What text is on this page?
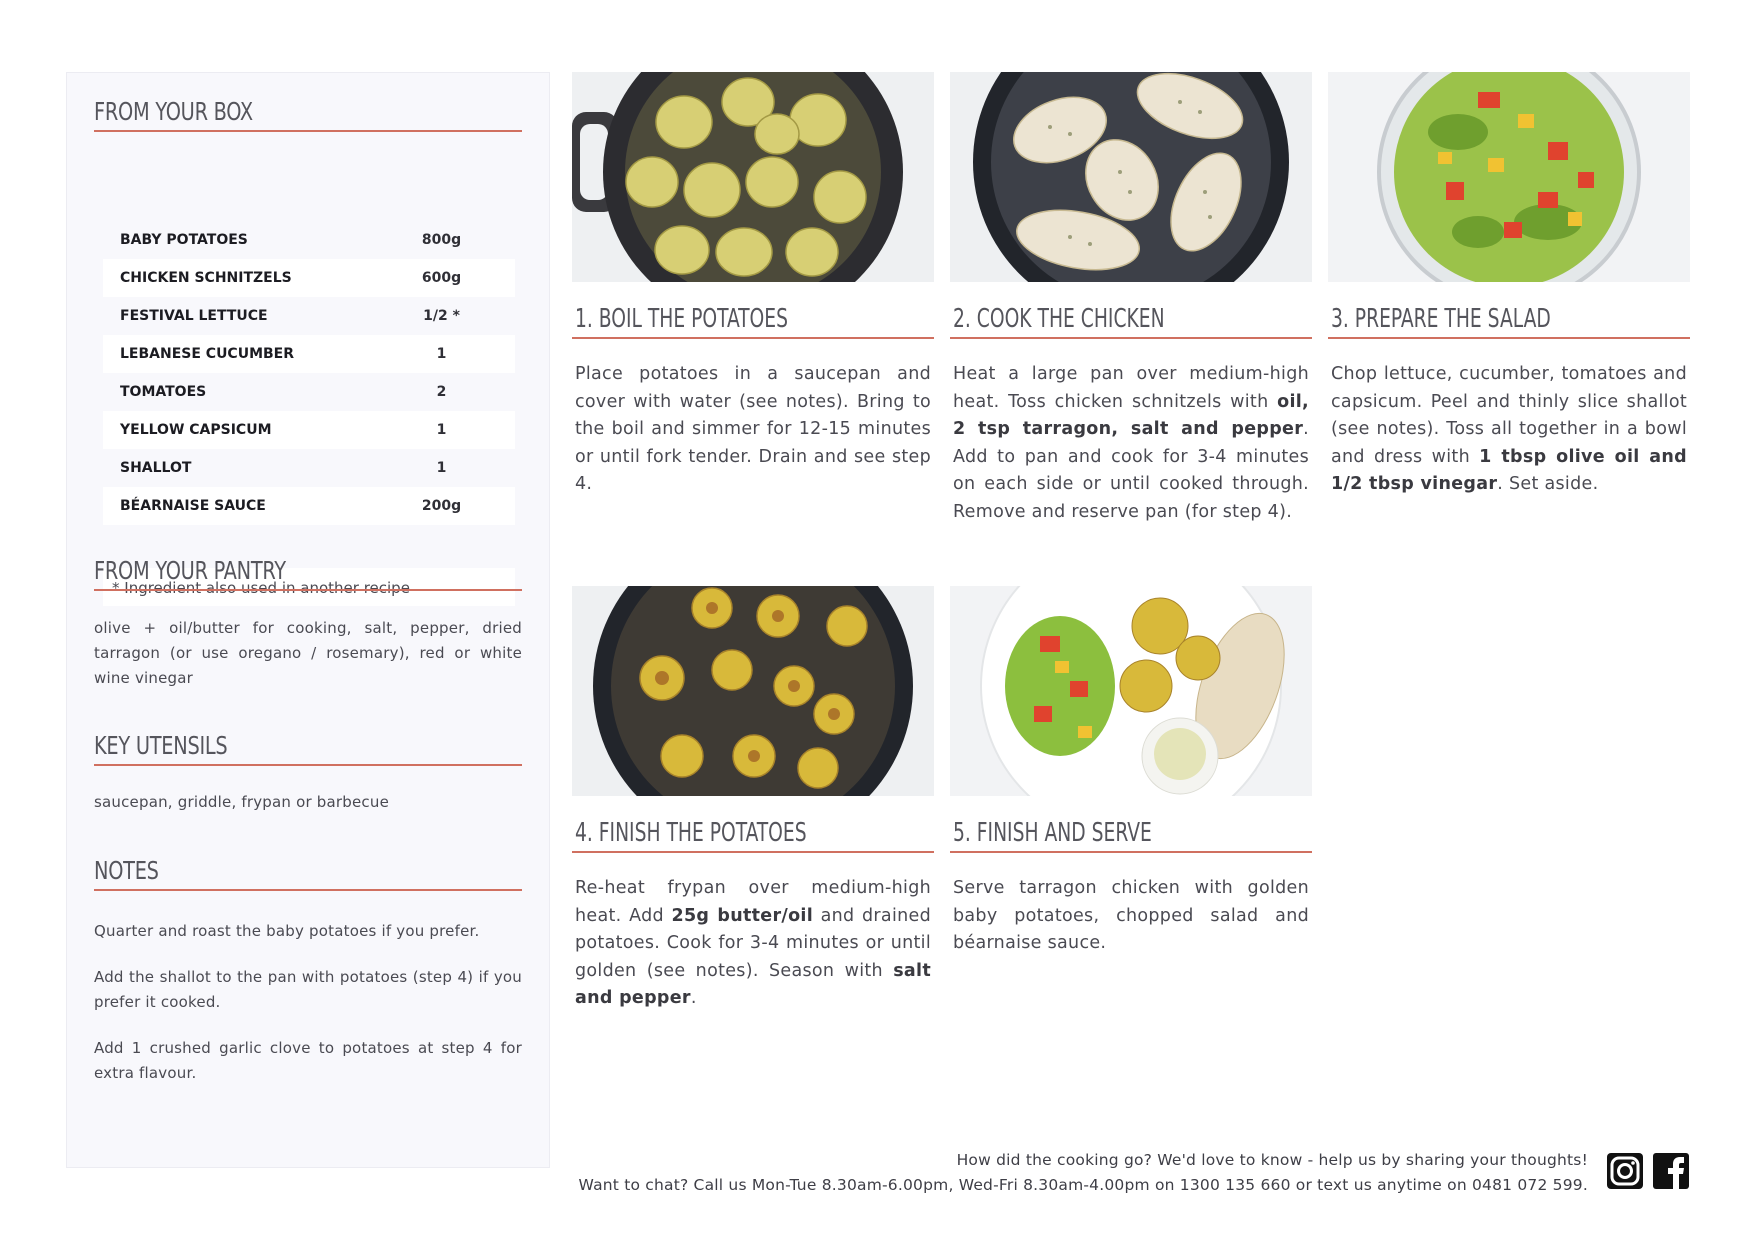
FROM YOUR BOX
BABY POTATOES	800g
CHICKEN SCHNITZELS	600g
FESTIVAL LETTUCE	1/2 *
LEBANESE CUCUMBER	1
TOMATOES	2
YELLOW CAPSICUM	1
SHALLOT	1
BÉARNAISE SAUCE	200g
* Ingredient also used in another recipe
FROM YOUR PANTRY
olive + oil/butter for cooking, salt, pepper, dried tarragon (or use oregano / rosemary), red or white wine vinegar
KEY UTENSILS
saucepan, griddle, frypan or barbecue
NOTES
Quarter and roast the baby potatoes if you prefer.
Add the shallot to the pan with potatoes (step 4) if you prefer it cooked.
Add 1 crushed garlic clove to potatoes at step 4 for extra flavour.
1. BOIL THE POTATOES
Place potatoes in a saucepan and cover with water (see notes). Bring to the boil and simmer for 12-15 minutes or until fork tender. Drain and see step 4.
2. COOK THE CHICKEN
Heat a large pan over medium-high heat. Toss chicken schnitzels with oil, 2 tsp tarragon, salt and pepper. Add to pan and cook for 3-4 minutes on each side or until cooked through. Remove and reserve pan (for step 4).
3. PREPARE THE SALAD
Chop lettuce, cucumber, tomatoes and capsicum. Peel and thinly slice shallot (see notes). Toss all together in a bowl and dress with 1 tbsp olive oil and 1/2 tbsp vinegar. Set aside.
4. FINISH THE POTATOES
Re-heat frypan over medium-high heat. Add 25g butter/oil and drained potatoes. Cook for 3-4 minutes or until golden (see notes). Season with salt and pepper.
5. FINISH AND SERVE
Serve tarragon chicken with golden baby potatoes, chopped salad and béarnaise sauce.
How did the cooking go? We'd love to know - help us by sharing your thoughts!
Want to chat? Call us Mon-Tue 8.30am-6.00pm, Wed-Fri 8.30am-4.00pm on 1300 135 660 or text us anytime on 0481 072 599.
